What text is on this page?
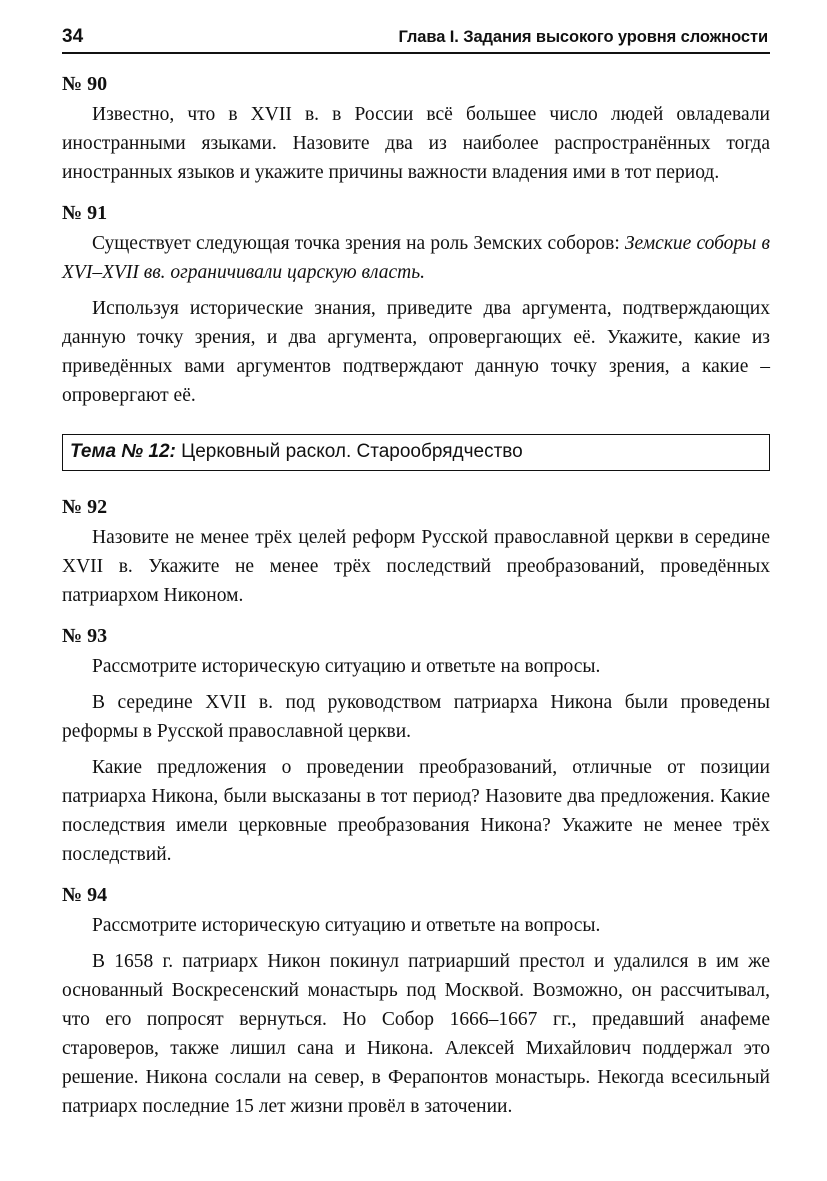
34	Глава I. Задания высокого уровня сложности

№ 90

Известно, что в XVII в. в России всё большее число людей овладевали иностранными языками. Назовите два из наиболее распространённых тогда иностранных языков и укажите причины важности владения ими в тот период.

№ 91

Существует следующая точка зрения на роль Земских соборов: Земские соборы в XVI–XVII вв. ограничивали царскую власть.

Используя исторические знания, приведите два аргумента, подтверждающих данную точку зрения, и два аргумента, опровергающих её. Укажите, какие из приведённых вами аргументов подтверждают данную точку зрения, а какие – опровергают её.

Тема № 12: Церковный раскол. Старообрядчество

№ 92

Назовите не менее трёх целей реформ Русской православной церкви в середине XVII в. Укажите не менее трёх последствий преобразований, проведённых патриархом Никоном.

№ 93

Рассмотрите историческую ситуацию и ответьте на вопросы.

В середине XVII в. под руководством патриарха Никона были проведены реформы в Русской православной церкви.

Какие предложения о проведении преобразований, отличные от позиции патриарха Никона, были высказаны в тот период? Назовите два предложения. Какие последствия имели церковные преобразования Никона? Укажите не менее трёх последствий.

№ 94

Рассмотрите историческую ситуацию и ответьте на вопросы.

В 1658 г. патриарх Никон покинул патриарший престол и удалился в им же основанный Воскресенский монастырь под Москвой. Возможно, он рассчитывал, что его попросят вернуться. Но Собор 1666–1667 гг., предавший анафеме староверов, также лишил сана и Никона. Алексей Михайлович поддержал это решение. Никона сослали на север, в Ферапонтов монастырь. Некогда всесильный патриарх последние 15 лет жизни провёл в заточении.
